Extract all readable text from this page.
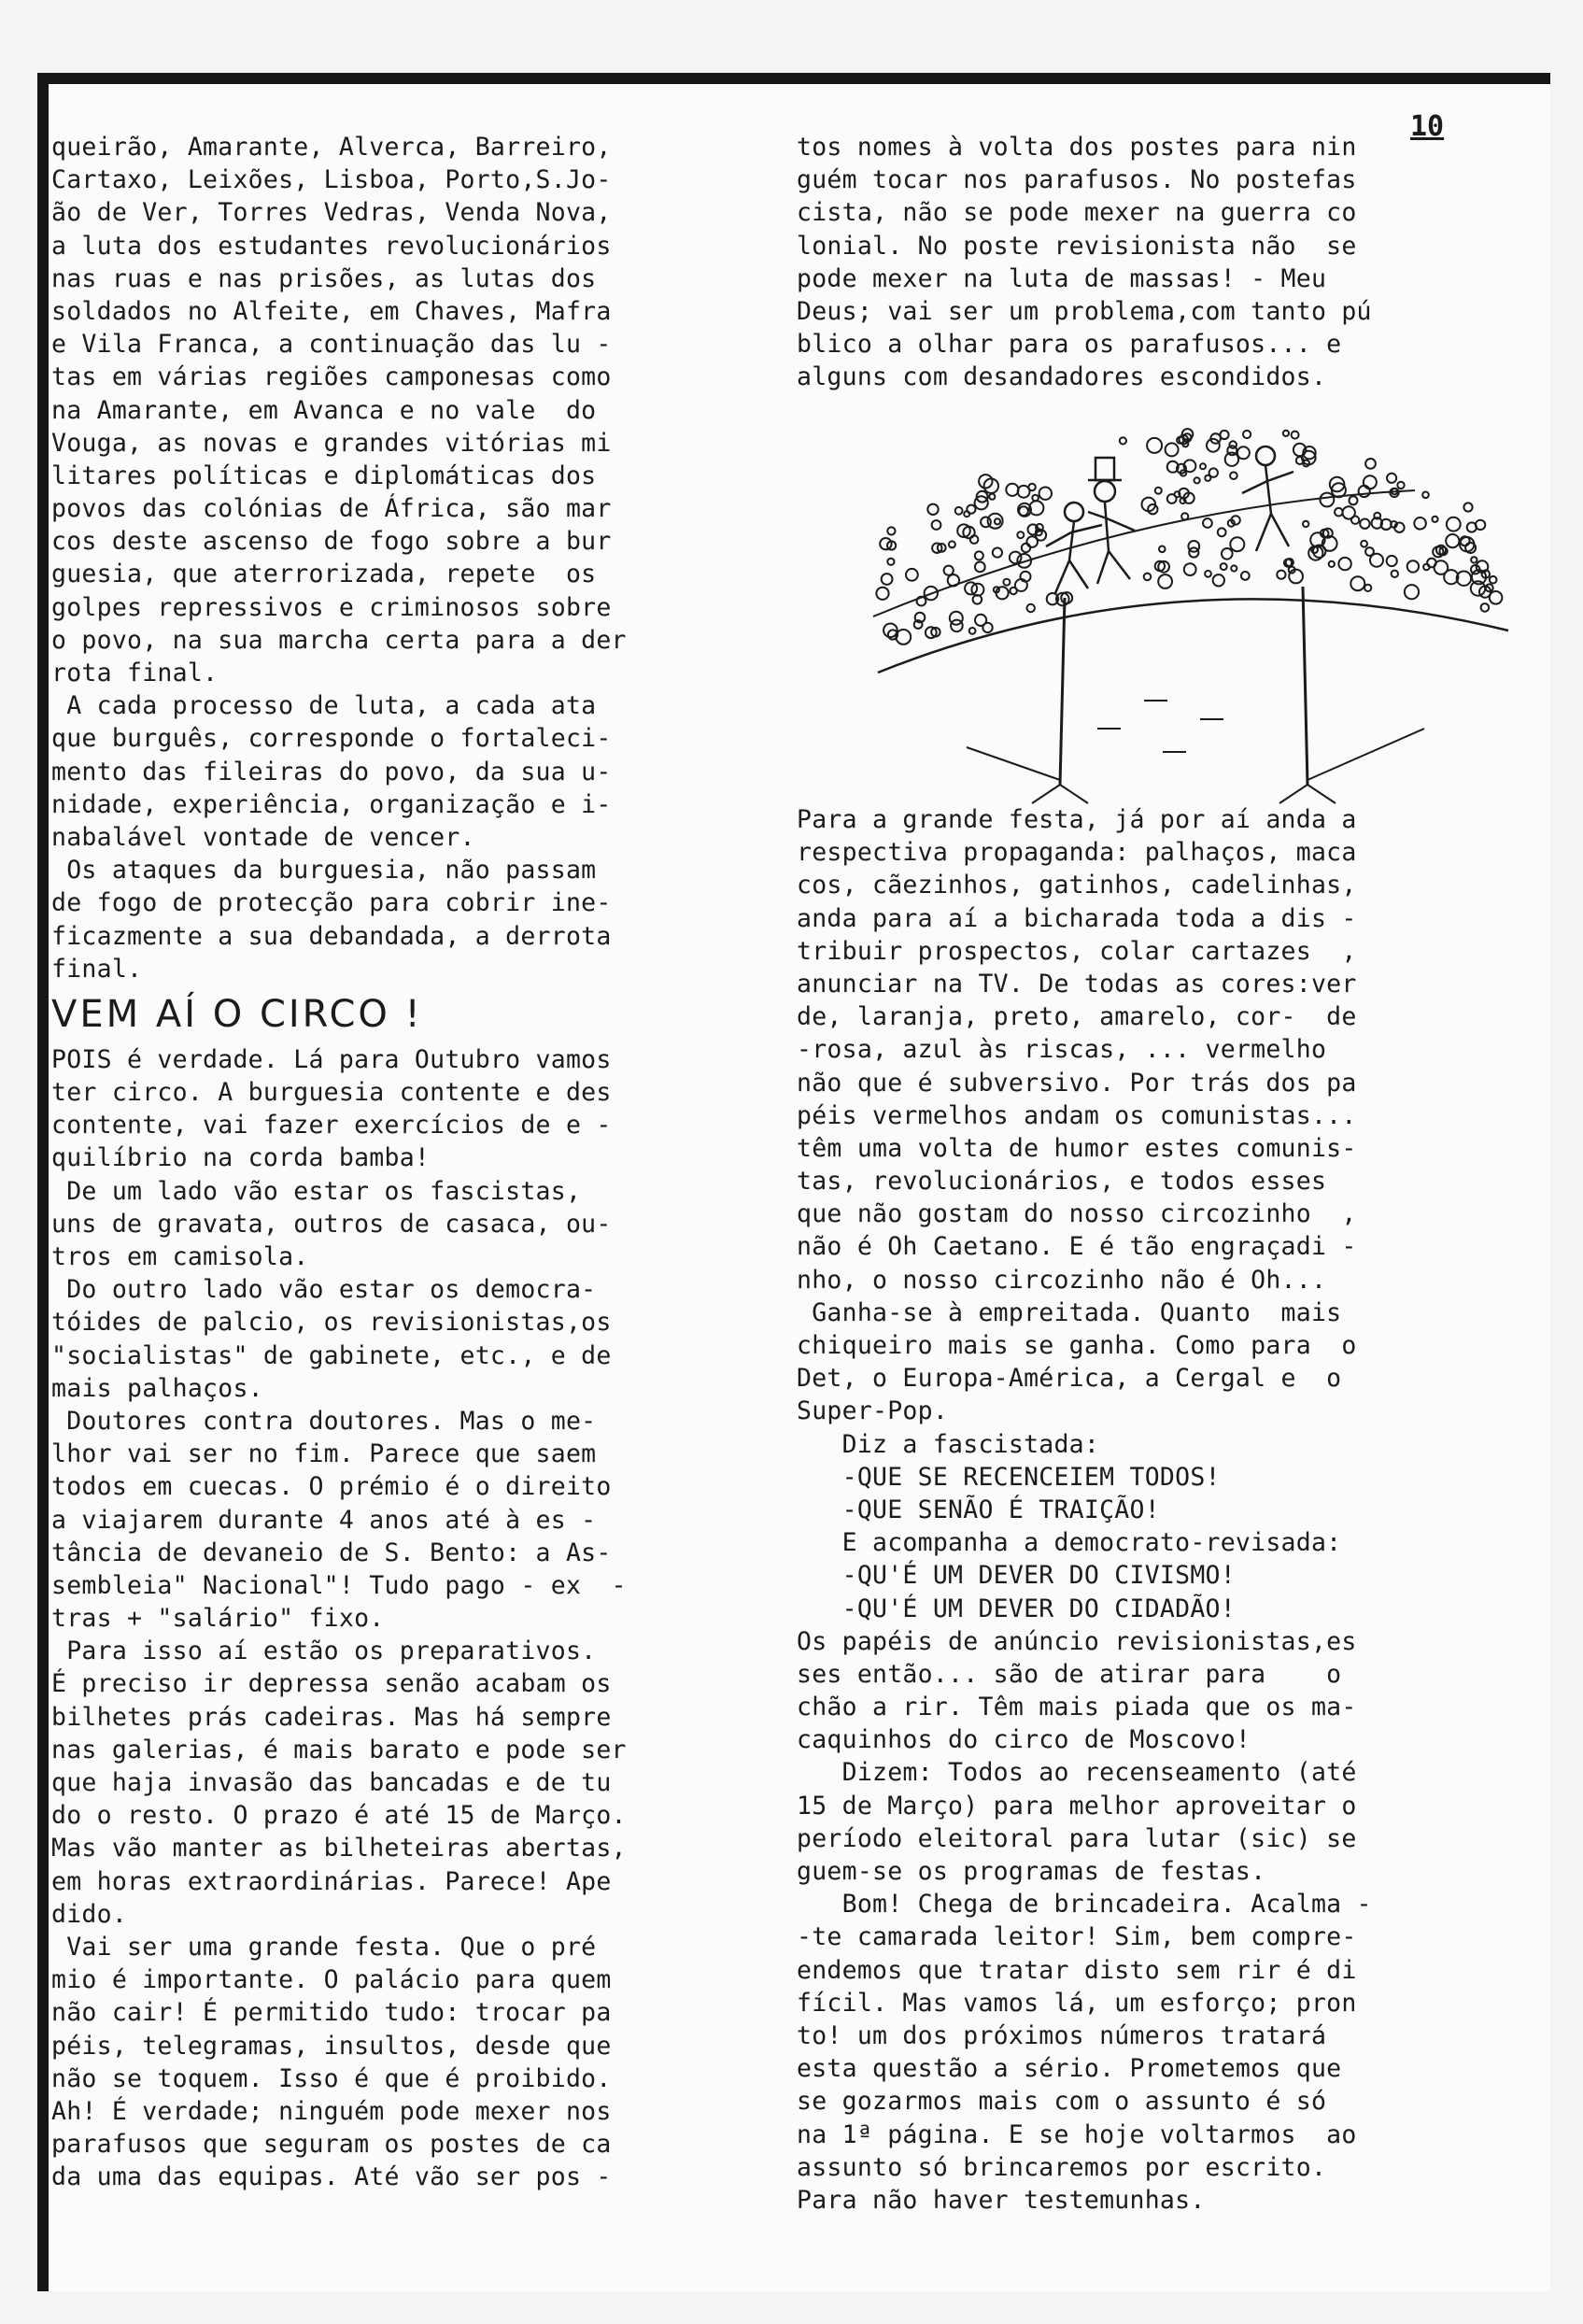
10
queirão, Amarante, Alverca, Barreiro,
Cartaxo, Leixões, Lisboa, Porto,S.Jo-
ão de Ver, Torres Vedras, Venda Nova,
a luta dos estudantes revolucionários
nas ruas e nas prisões, as lutas dos
soldados no Alfeite, em Chaves, Mafra
e Vila Franca, a continuação das lu -
tas em várias regiões camponesas como
na Amarante, em Avanca e no vale  do
Vouga, as novas e grandes vitórias mi
litares políticas e diplomáticas dos
povos das colónias de África, são mar
cos deste ascenso de fogo sobre a bur
guesia, que aterrorizada, repete  os
golpes repressivos e criminosos sobre
o povo, na sua marcha certa para a der
rota final.
A cada processo de luta, a cada ata
que burguês, corresponde o fortaleci-
mento das fileiras do povo, da sua u-
nidade, experiência, organização e i-
nabalável vontade de vencer.
Os ataques da burguesia, não passam
de fogo de protecção para cobrir ine-
ficazmente a sua debandada, a derrota
final.
VEM AÍ O CIRCO !
POIS é verdade. Lá para Outubro vamos
ter circo. A burguesia contente e des
contente, vai fazer exercícios de e -
quilíbrio na corda bamba!
De um lado vão estar os fascistas,
uns de gravata, outros de casaca, ou-
tros em camisola.
Do outro lado vão estar os democra-
tóides de palcio, os revisionistas,os
"socialistas" de gabinete, etc., e de
mais palhaços.
Doutores contra doutores. Mas o me-
lhor vai ser no fim. Parece que saem
todos em cuecas. O prémio é o direito
a viajarem durante 4 anos até à es -
tância de devaneio de S. Bento: a As-
sembleia" Nacional"! Tudo pago - ex  -
tras + "salário" fixo.
Para isso aí estão os preparativos.
É preciso ir depressa senão acabam os
bilhetes prás cadeiras. Mas há sempre
nas galerias, é mais barato e pode ser
que haja invasão das bancadas e de tu
do o resto. O prazo é até 15 de Março.
Mas vão manter as bilheteiras abertas,
em horas extraordinárias. Parece! Ape
dido.
Vai ser uma grande festa. Que o pré
mio é importante. O palácio para quem
não cair! É permitido tudo: trocar pa
péis, telegramas, insultos, desde que
não se toquem. Isso é que é proibido.
Ah! É verdade; ninguém pode mexer nos
parafusos que seguram os postes de ca
da uma das equipas. Até vão ser pos -
tos nomes à volta dos postes para nin
guém tocar nos parafusos. No postefas
cista, não se pode mexer na guerra co
lonial. No poste revisionista não  se
pode mexer na luta de massas! - Meu
Deus; vai ser um problema,com tanto pú
blico a olhar para os parafusos... e
alguns com desandadores escondidos.
Para a grande festa, já por aí anda a
respectiva propaganda: palhaços, maca
cos, cãezinhos, gatinhos, cadelinhas,
anda para aí a bicharada toda a dis -
tribuir prospectos, colar cartazes  ,
anunciar na TV. De todas as cores:ver
de, laranja, preto, amarelo, cor-  de
-rosa, azul às riscas, ... vermelho
não que é subversivo. Por trás dos pa
péis vermelhos andam os comunistas...
têm uma volta de humor estes comunis-
tas, revolucionários, e todos esses
que não gostam do nosso circozinho  ,
não é Oh Caetano. E é tão engraçadi -
nho, o nosso circozinho não é Oh...
Ganha-se à empreitada. Quanto  mais
chiqueiro mais se ganha. Como para  o
Det, o Europa-América, a Cergal e  o
Super-Pop.
Diz a fascistada:
-QUE SE RECENCEIEM TODOS!
-QUE SENÃO É TRAIÇÃO!
E acompanha a democrato-revisada:
-QU'É UM DEVER DO CIVISMO!
-QU'É UM DEVER DO CIDADÃO!
Os papéis de anúncio revisionistas,es
ses então... são de atirar para    o
chão a rir. Têm mais piada que os ma-
caquinhos do circo de Moscovo!
Dizem: Todos ao recenseamento (até
15 de Março) para melhor aproveitar o
período eleitoral para lutar (sic) se
guem-se os programas de festas.
Bom! Chega de brincadeira. Acalma -
-te camarada leitor! Sim, bem compre-
endemos que tratar disto sem rir é di
fícil. Mas vamos lá, um esforço; pron
to! um dos próximos números tratará
esta questão a sério. Prometemos que
se gozarmos mais com o assunto é só
na 1ª página. E se hoje voltarmos  ao
assunto só brincaremos por escrito.
Para não haver testemunhas.
